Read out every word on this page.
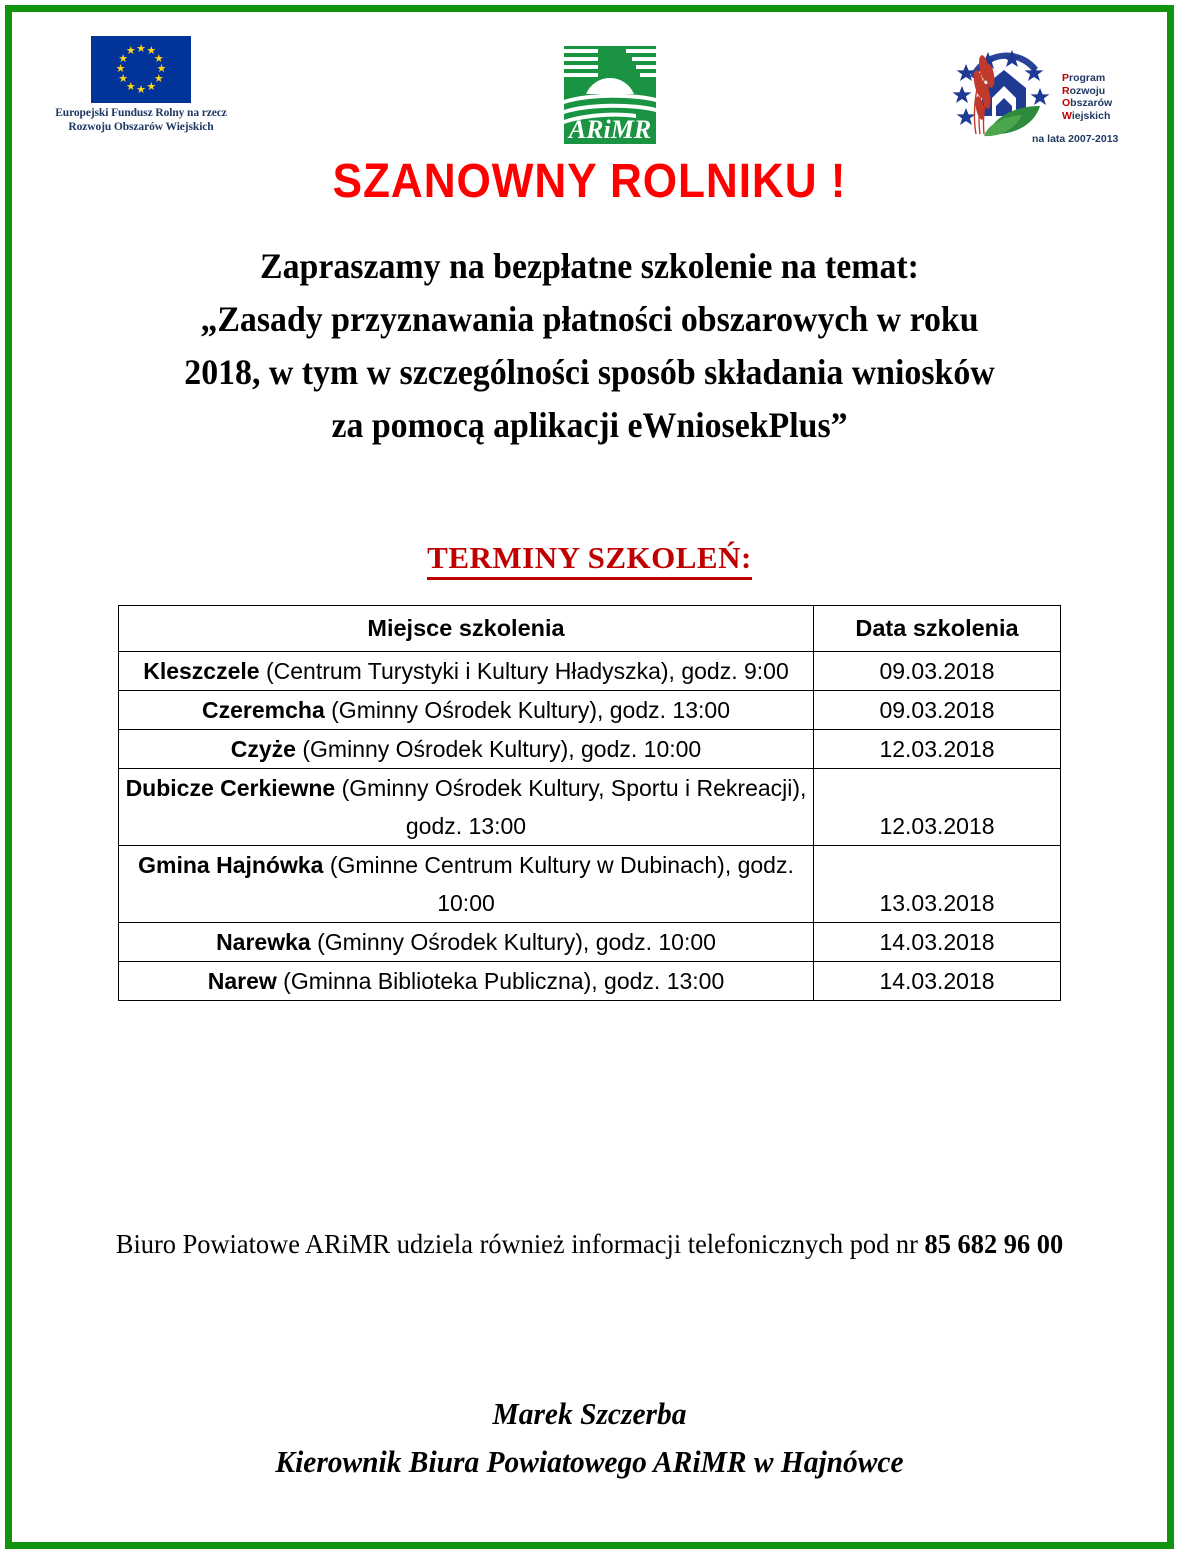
★ ★
★
★
★
★
★
★
★
★
★
★
Europejski Fundusz Rolny na rzecz
Rozwoju Obszarów Wiejskich	ARiMR
Program
Rozwoju
Obszarów
Wiejskich
na lata 2007-2013
SZANOWNY ROLNIKU !
Zapraszamy na bezpłatne szkolenie na temat:
„Zasady przyznawania płatności obszarowych w roku
2018, w tym w szczególności sposób składania wniosków
za pomocą aplikacji eWniosekPlus”
TERMINY SZKOLEŃ:
Miejsce szkolenia	Data szkolenia
Kleszczele (Centrum Turystyki i Kultury Hładyszka), godz. 9:00	09.03.2018
Czeremcha (Gminny Ośrodek Kultury), godz. 13:00	09.03.2018
Czyże (Gminny Ośrodek Kultury), godz. 10:00	12.03.2018
Dubicze Cerkiewne (Gminny Ośrodek Kultury, Sportu i Rekreacji), godz. 13:00	12.03.2018
Gmina Hajnówka (Gminne Centrum Kultury w Dubinach), godz. 10:00	13.03.2018
Narewka (Gminny Ośrodek Kultury), godz. 10:00	14.03.2018
Narew (Gminna Biblioteka Publiczna), godz. 13:00	14.03.2018
Biuro Powiatowe ARiMR udziela również informacji telefonicznych pod nr 85 682 96 00
Marek Szczerba
Kierownik Biura Powiatowego ARiMR w Hajnówce
